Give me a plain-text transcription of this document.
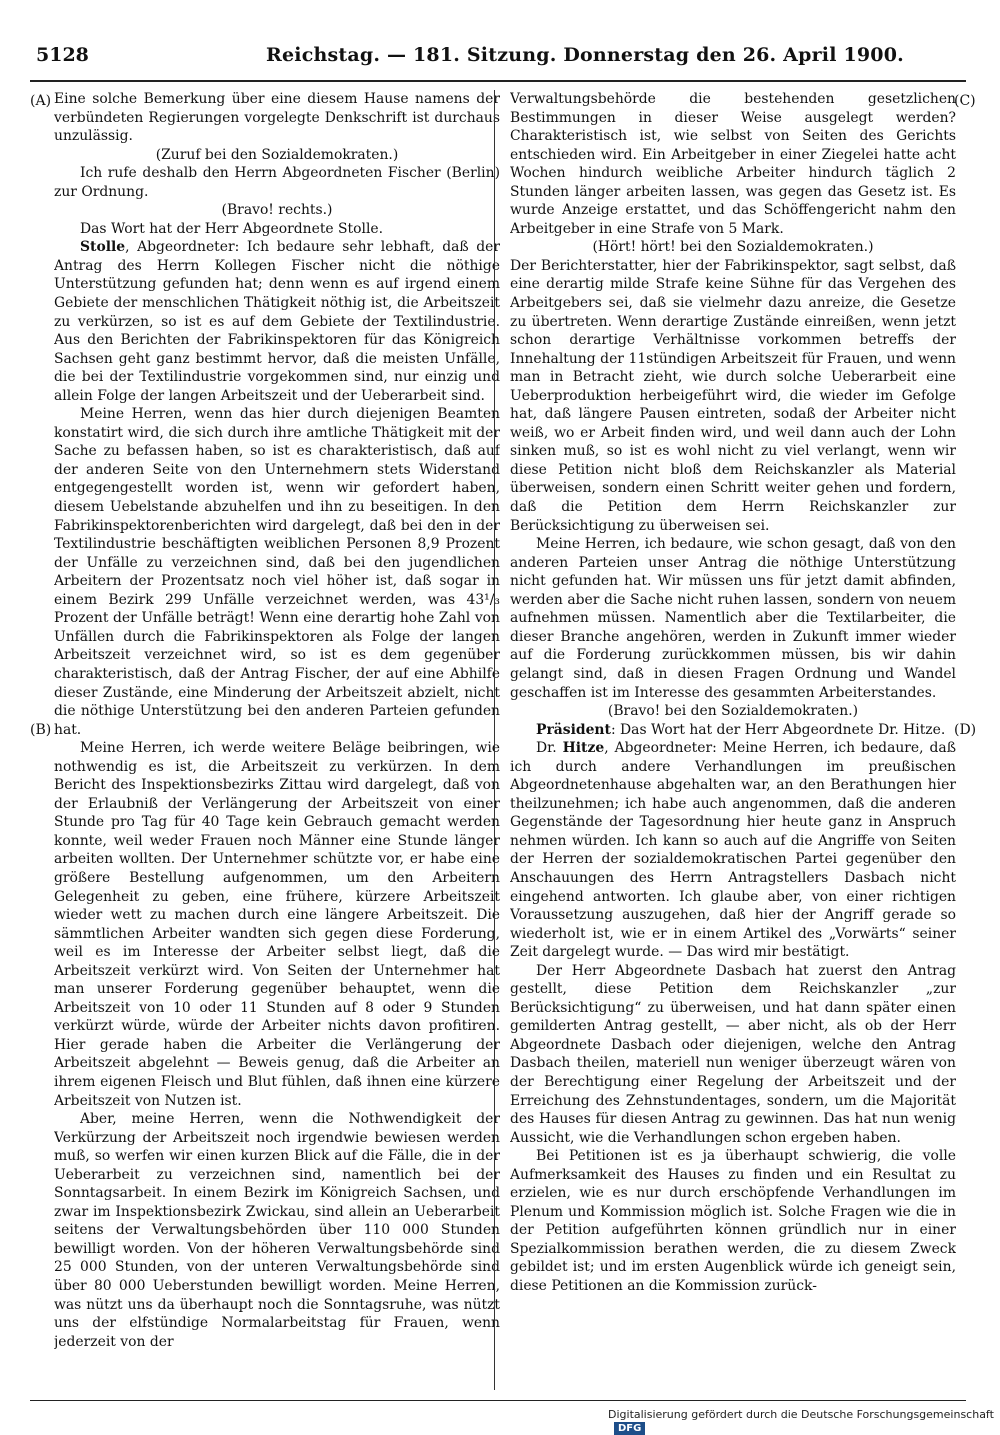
5128	Reichstag. — 181. Sitzung. Donnerstag den 26. April 1900.
(A)
(B)
(C)
(D)

Eine solche Bemerkung über eine diesem Hause namens der verbündeten Regierungen vorgelegte Denkschrift ist durchaus unzulässig.

(Zuruf bei den Sozialdemokraten.)

Ich rufe deshalb den Herrn Abgeordneten Fischer (Berlin) zur Ordnung.

(Bravo! rechts.)

Das Wort hat der Herr Abgeordnete Stolle.

Stolle, Abgeordneter: Ich bedaure sehr lebhaft, daß der Antrag des Herrn Kollegen Fischer nicht die nöthige Unterstützung gefunden hat; denn wenn es auf irgend einem Gebiete der menschlichen Thätigkeit nöthig ist, die Arbeitszeit zu verkürzen, so ist es auf dem Gebiete der Textilindustrie. Aus den Berichten der Fabrikinspektoren für das Königreich Sachsen geht ganz bestimmt hervor, daß die meisten Unfälle, die bei der Textilindustrie vorgekommen sind, nur einzig und allein Folge der langen Arbeitszeit und der Ueberarbeit sind.

Meine Herren, wenn das hier durch diejenigen Beamten konstatirt wird, die sich durch ihre amtliche Thätigkeit mit der Sache zu befassen haben, so ist es charakteristisch, daß auf der anderen Seite von den Unternehmern stets Widerstand entgegengestellt worden ist, wenn wir gefordert haben, diesem Uebelstande abzuhelfen und ihn zu beseitigen. In den Fabrikinspektorenberichten wird dargelegt, daß bei den in der Textilindustrie beschäftigten weiblichen Personen 8,9 Prozent der Unfälle zu verzeichnen sind, daß bei den jugendlichen Arbeitern der Prozentsatz noch viel höher ist, daß sogar in einem Bezirk 299 Unfälle verzeichnet werden, was 43¹/₃ Prozent der Unfälle beträgt! Wenn eine derartig hohe Zahl von Unfällen durch die Fabrikinspektoren als Folge der langen Arbeitszeit verzeichnet wird, so ist es dem gegenüber charakteristisch, daß der Antrag Fischer, der auf eine Abhilfe dieser Zustände, eine Minderung der Arbeitszeit abzielt, nicht die nöthige Unterstützung bei den anderen Parteien gefunden hat.

Meine Herren, ich werde weitere Beläge beibringen, wie nothwendig es ist, die Arbeitszeit zu verkürzen. In dem Bericht des Inspektionsbezirks Zittau wird dargelegt, daß von der Erlaubniß der Verlängerung der Arbeitszeit von einer Stunde pro Tag für 40 Tage kein Gebrauch gemacht werden konnte, weil weder Frauen noch Männer eine Stunde länger arbeiten wollten. Der Unternehmer schützte vor, er habe eine größere Bestellung aufgenommen, um den Arbeitern Gelegenheit zu geben, eine frühere, kürzere Arbeitszeit wieder wett zu machen durch eine längere Arbeitszeit. Die sämmtlichen Arbeiter wandten sich gegen diese Forderung, weil es im Interesse der Arbeiter selbst liegt, daß die Arbeitszeit verkürzt wird. Von Seiten der Unternehmer hat man unserer Forderung gegenüber behauptet, wenn die Arbeitszeit von 10 oder 11 Stunden auf 8 oder 9 Stunden verkürzt würde, würde der Arbeiter nichts davon profitiren. Hier gerade haben die Arbeiter die Verlängerung der Arbeitszeit abgelehnt — Beweis genug, daß die Arbeiter an ihrem eigenen Fleisch und Blut fühlen, daß ihnen eine kürzere Arbeitszeit von Nutzen ist.

Aber, meine Herren, wenn die Nothwendigkeit der Verkürzung der Arbeitszeit noch irgendwie bewiesen werden muß, so werfen wir einen kurzen Blick auf die Fälle, die in der Ueberarbeit zu verzeichnen sind, namentlich bei der Sonntagsarbeit. In einem Bezirk im Königreich Sachsen, und zwar im Inspektionsbezirk Zwickau, sind allein an Ueberarbeit seitens der Verwaltungsbehörden über 110 000 Stunden bewilligt worden. Von der höheren Verwaltungsbehörde sind 25 000 Stunden, von der unteren Verwaltungsbehörde sind über 80 000 Ueberstunden bewilligt worden. Meine Herren, was nützt uns da überhaupt noch die Sonntagsruhe, was nützt uns der elfstündige Normalarbeitstag für Frauen, wenn jederzeit von der

Verwaltungsbehörde die bestehenden gesetzlichen Bestimmungen in dieser Weise ausgelegt werden? Charakteristisch ist, wie selbst von Seiten des Gerichts entschieden wird. Ein Arbeitgeber in einer Ziegelei hatte acht Wochen hindurch weibliche Arbeiter hindurch täglich 2 Stunden länger arbeiten lassen, was gegen das Gesetz ist. Es wurde Anzeige erstattet, und das Schöffengericht nahm den Arbeitgeber in eine Strafe von 5 Mark.

(Hört! hört! bei den Sozialdemokraten.)

Der Berichterstatter, hier der Fabrikinspektor, sagt selbst, daß eine derartig milde Strafe keine Sühne für das Vergehen des Arbeitgebers sei, daß sie vielmehr dazu anreize, die Gesetze zu übertreten. Wenn derartige Zustände einreißen, wenn jetzt schon derartige Verhältnisse vorkommen betreffs der Innehaltung der 11stündigen Arbeitszeit für Frauen, und wenn man in Betracht zieht, wie durch solche Ueberarbeit eine Ueberproduktion herbeigeführt wird, die wieder im Gefolge hat, daß längere Pausen eintreten, sodaß der Arbeiter nicht weiß, wo er Arbeit finden wird, und weil dann auch der Lohn sinken muß, so ist es wohl nicht zu viel verlangt, wenn wir diese Petition nicht bloß dem Reichskanzler als Material überweisen, sondern einen Schritt weiter gehen und fordern, daß die Petition dem Herrn Reichskanzler zur Berücksichtigung zu überweisen sei.

Meine Herren, ich bedaure, wie schon gesagt, daß von den anderen Parteien unser Antrag die nöthige Unterstützung nicht gefunden hat. Wir müssen uns für jetzt damit abfinden, werden aber die Sache nicht ruhen lassen, sondern von neuem aufnehmen müssen. Namentlich aber die Textilarbeiter, die dieser Branche angehören, werden in Zukunft immer wieder auf die Forderung zurückkommen müssen, bis wir dahin gelangt sind, daß in diesen Fragen Ordnung und Wandel geschaffen ist im Interesse des gesammten Arbeiterstandes.

(Bravo! bei den Sozialdemokraten.)

Präsident: Das Wort hat der Herr Abgeordnete Dr. Hitze.

Dr. Hitze, Abgeordneter: Meine Herren, ich bedaure, daß ich durch andere Verhandlungen im preußischen Abgeordnetenhause abgehalten war, an den Berathungen hier theilzunehmen; ich habe auch angenommen, daß die anderen Gegenstände der Tagesordnung hier heute ganz in Anspruch nehmen würden. Ich kann so auch auf die Angriffe von Seiten der Herren der sozialdemokratischen Partei gegenüber den Anschauungen des Herrn Antragstellers Dasbach nicht eingehend antworten. Ich glaube aber, von einer richtigen Voraussetzung auszugehen, daß hier der Angriff gerade so wiederholt ist, wie er in einem Artikel des „Vorwärts“ seiner Zeit dargelegt wurde. — Das wird mir bestätigt.

Der Herr Abgeordnete Dasbach hat zuerst den Antrag gestellt, diese Petition dem Reichskanzler „zur Berücksichtigung“ zu überweisen, und hat dann später einen gemilderten Antrag gestellt, — aber nicht, als ob der Herr Abgeordnete Dasbach oder diejenigen, welche den Antrag Dasbach theilen, materiell nun weniger überzeugt wären von der Berechtigung einer Regelung der Arbeitszeit und der Erreichung des Zehnstundentages, sondern, um die Majorität des Hauses für diesen Antrag zu gewinnen. Das hat nun wenig Aussicht, wie die Verhandlungen schon ergeben haben.

Bei Petitionen ist es ja überhaupt schwierig, die volle Aufmerksamkeit des Hauses zu finden und ein Resultat zu erzielen, wie es nur durch erschöpfende Verhandlungen im Plenum und Kommission möglich ist. Solche Fragen wie die in der Petition aufgeführten können gründlich nur in einer Spezialkommission berathen werden, die zu diesem Zweck gebildet ist; und im ersten Augenblick würde ich geneigt sein, diese Petitionen an die Kommission zurück-

Digitalisierung gefördert durch die Deutsche Forschungsgemeinschaft DFG
